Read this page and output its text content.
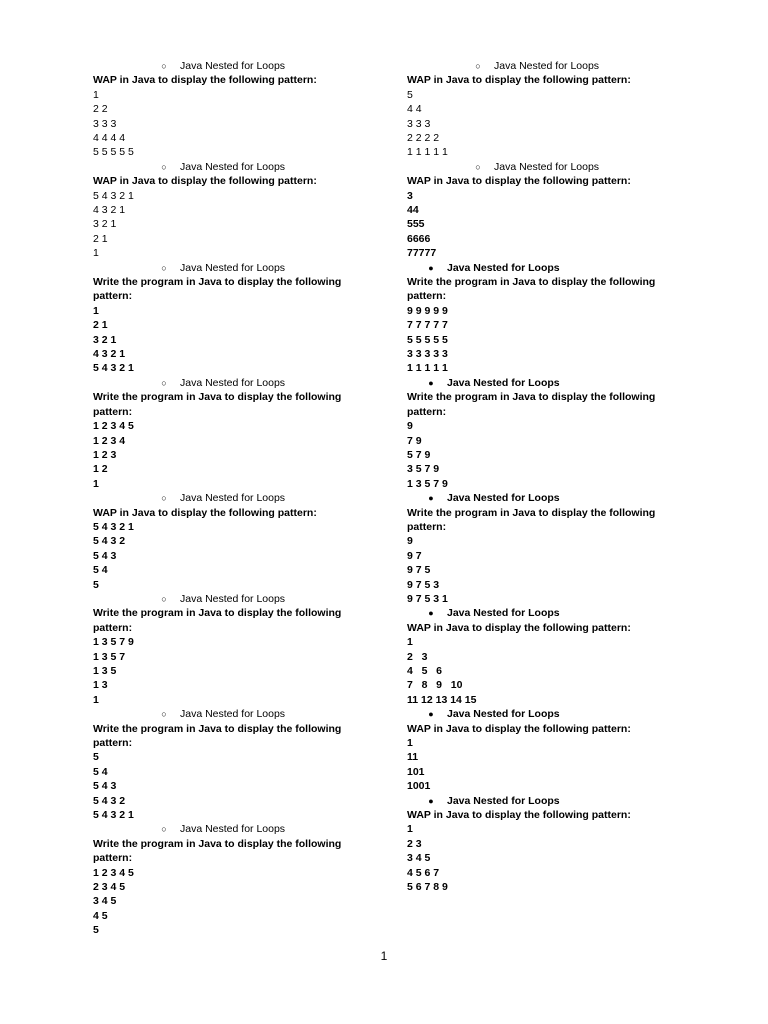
○	Java Nested for Loops
WAP in Java to display the following pattern:
1
2 2
3 3 3
4 4 4 4
5 5 5 5 5
○	Java Nested for Loops
WAP in Java to display the following pattern:
5 4 3 2 1
4 3 2 1
3 2 1
2 1
1
○	Java Nested for Loops
Write the program in Java to display the following pattern:
1
2 1
3 2 1
4 3 2 1
5 4 3 2 1
○	Java Nested for Loops
Write the program in Java to display the following pattern:
1 2 3 4 5
1 2 3 4
1 2 3
1 2
1
○	Java Nested for Loops
WAP in Java to display the following pattern:
5 4 3 2 1
5 4 3 2
5 4 3
5 4
5
○	Java Nested for Loops
Write the program in Java to display the following pattern:
1 3 5 7 9
1 3 5 7
1 3 5
1 3
1
○	Java Nested for Loops
Write the program in Java to display the following pattern:
5
5 4
5 4 3
5 4 3 2
5 4 3 2 1
○	Java Nested for Loops
Write the program in Java to display the following pattern:
1 2 3 4 5
2 3 4 5
3 4 5
4 5
5
○	Java Nested for Loops
WAP in Java to display the following pattern:
5
4 4
3 3 3
2 2 2 2
1 1 1 1 1
○	Java Nested for Loops
WAP in Java to display the following pattern:
3
44
555
6666
77777
●	Java Nested for Loops
Write the program in Java to display the following pattern:
9 9 9 9 9
7 7 7 7 7
5 5 5 5 5
3 3 3 3 3
1 1 1 1 1
●	Java Nested for Loops
Write the program in Java to display the following pattern:
9
7 9
5 7 9
3 5 7 9
1 3 5 7 9
●	Java Nested for Loops
Write the program in Java to display the following pattern:
9
9 7
9 7 5
9 7 5 3
9 7 5 3 1
●	Java Nested for Loops
WAP in Java to display the following pattern:
1
2   3
4   5   6
7   8   9   10
11 12 13 14 15
●	Java Nested for Loops
WAP in Java to display the following pattern:
1
11
101
1001
●	Java Nested for Loops
WAP in Java to display the following pattern:
1
2 3
3 4 5
4 5 6 7
5 6 7 8 9
1
